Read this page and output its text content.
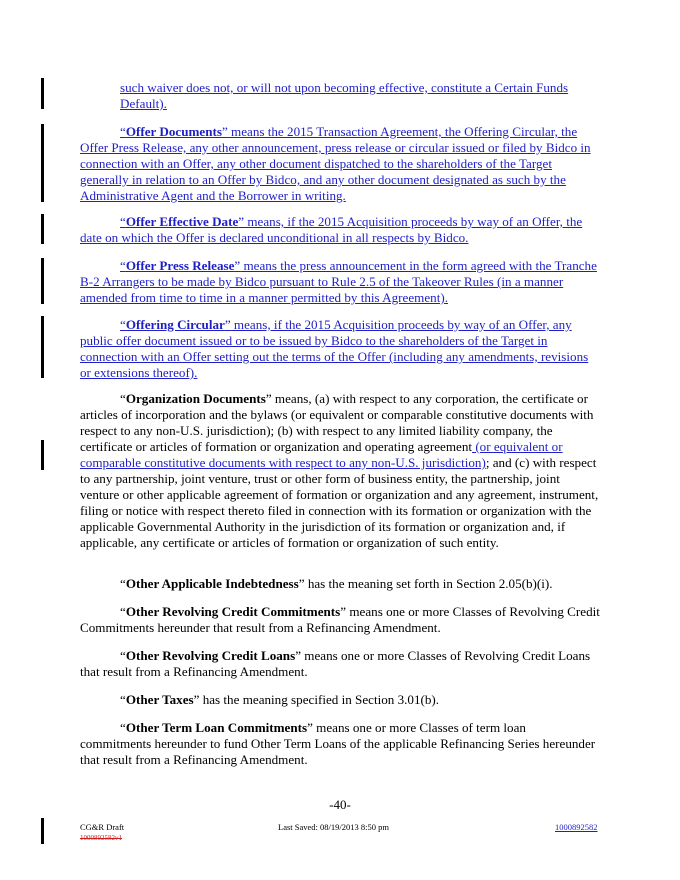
such waiver does not, or will not upon becoming effective, constitute a Certain Funds Default).
“Offer Documents” means the 2015 Transaction Agreement, the Offering Circular, the Offer Press Release, any other announcement, press release or circular issued or filed by Bidco in connection with an Offer, any other document dispatched to the shareholders of the Target generally in relation to an Offer by Bidco, and any other document designated as such by the Administrative Agent and the Borrower in writing.
“Offer Effective Date” means, if the 2015 Acquisition proceeds by way of an Offer, the date on which the Offer is declared unconditional in all respects by Bidco.
“Offer Press Release” means the press announcement in the form agreed with the Tranche B-2 Arrangers to be made by Bidco pursuant to Rule 2.5 of the Takeover Rules (in a manner amended from time to time in a manner permitted by this Agreement).
“Offering Circular” means, if the 2015 Acquisition proceeds by way of an Offer, any public offer document issued or to be issued by Bidco to the shareholders of the Target in connection with an Offer setting out the terms of the Offer (including any amendments, revisions or extensions thereof).
“Organization Documents” means, (a) with respect to any corporation, the certificate or articles of incorporation and the bylaws (or equivalent or comparable constitutive documents with respect to any non-U.S. jurisdiction); (b) with respect to any limited liability company, the certificate or articles of formation or organization and operating agreement (or equivalent or comparable constitutive documents with respect to any non-U.S. jurisdiction); and (c) with respect to any partnership, joint venture, trust or other form of business entity, the partnership, joint venture or other applicable agreement of formation or organization and any agreement, instrument, filing or notice with respect thereto filed in connection with its formation or organization with the applicable Governmental Authority in the jurisdiction of its formation or organization and, if applicable, any certificate or articles of formation or organization of such entity.
“Other Applicable Indebtedness” has the meaning set forth in Section 2.05(b)(i).
“Other Revolving Credit Commitments” means one or more Classes of Revolving Credit Commitments hereunder that result from a Refinancing Amendment.
“Other Revolving Credit Loans” means one or more Classes of Revolving Credit Loans that result from a Refinancing Amendment.
“Other Taxes” has the meaning specified in Section 3.01(b).
“Other Term Loan Commitments” means one or more Classes of term loan commitments hereunder to fund Other Term Loans of the applicable Refinancing Series hereunder that result from a Refinancing Amendment.
-40-
CG&R Draft
1000892582v1
Last Saved: 08/19/2013 8:50 pm	1000892582
